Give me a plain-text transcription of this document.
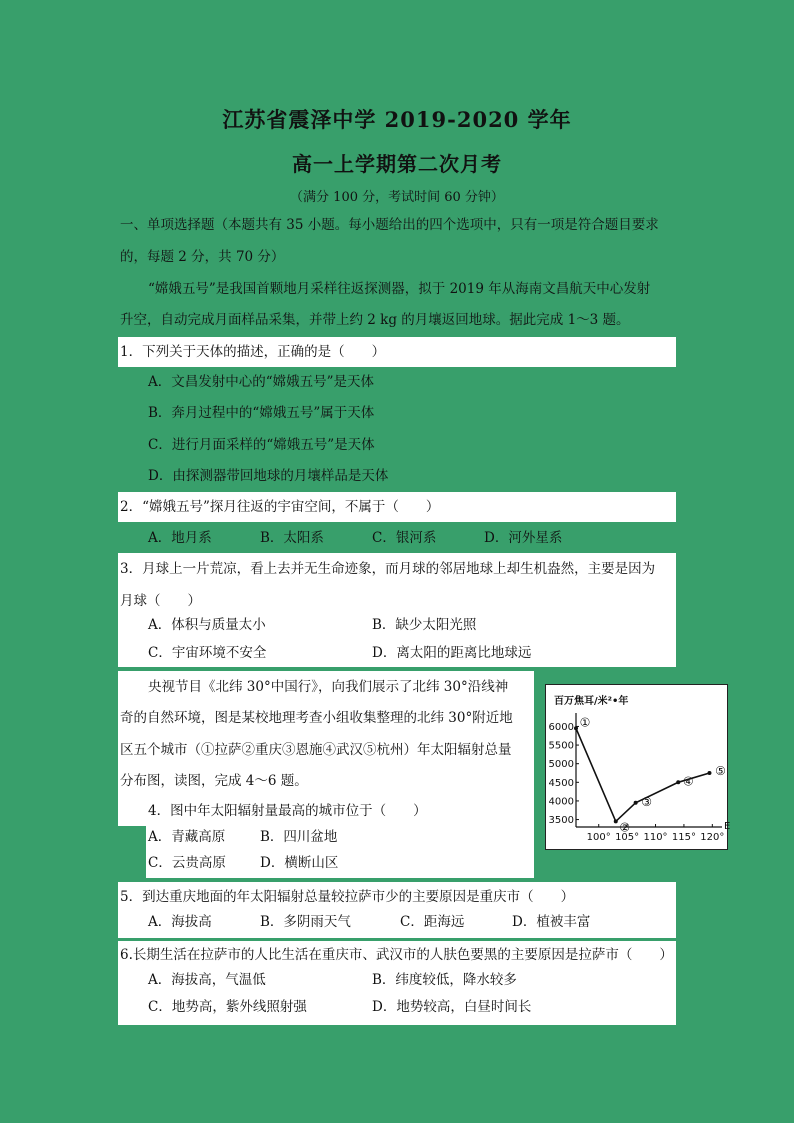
江苏省震泽中学 2019-2020 学年
高一上学期第二次月考
（满分 100 分，考试时间 60 分钟）
一、单项选择题（本题共有 35 小题。每小题给出的四个选项中，只有一项是符合题目要求
的，每题 2 分，共 70 分）
“嫦娥五号”是我国首颗地月采样往返探测器，拟于 2019 年从海南文昌航天中心发射
升空，自动完成月面样品采集，并带上约 2 kg 的月壤返回地球。据此完成 1～3 题。
1．下列关于天体的描述，正确的是（　　）
A．文昌发射中心的“嫦娥五号”是天体
B．奔月过程中的“嫦娥五号”属于天体
C．进行月面采样的“嫦娥五号”是天体
D．由探测器带回地球的月壤样品是天体
2．“嫦娥五号”探月往返的宇宙空间，不属于（　　）
A．地月系	B．太阳系	C．银河系	D．河外星系
3．月球上一片荒凉，看上去并无生命迹象，而月球的邻居地球上却生机盎然，主要是因为
月球（　　）
A．体积与质量太小	B．缺少太阳光照
C．宇宙环境不安全	D．离太阳的距离比地球远
央视节目《北纬 30°中国行》，向我们展示了北纬 30°沿线神
奇的自然环境，图是某校地理考查小组收集整理的北纬 30°附近地
区五个城市（①拉萨②重庆③恩施④武汉⑤杭州）年太阳辐射总量
分布图，读图，完成 4～6 题。
4．图中年太阳辐射量最高的城市位于（　　）
A．青藏高原	B．四川盆地
C．云贵高原	D．横断山区
百万焦耳/米²•年
3500
4000
4500
5000
5500
6000
100° 105° 110° 115° 120°
E
①
②
③
④
⑤
5．到达重庆地面的年太阳辐射总量较拉萨市少的主要原因是重庆市（　　）
A．海拔高	B．多阴雨天气	C．距海远	D．植被丰富
6.长期生活在拉萨市的人比生活在重庆市、武汉市的人肤色要黑的主要原因是拉萨市（　　）
A．海拔高，气温低	B．纬度较低，降水较多
C．地势高，紫外线照射强	D．地势较高，白昼时间长
